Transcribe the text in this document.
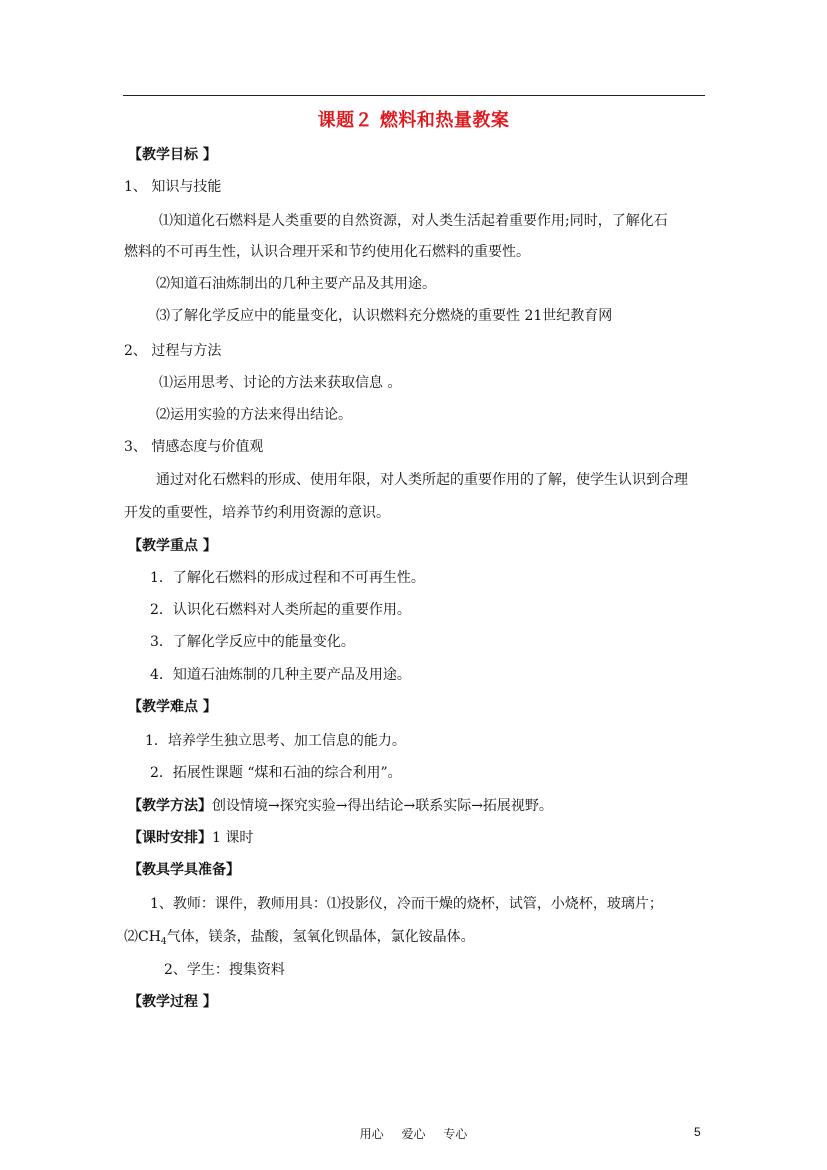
课题２ 燃料和热量教案
【教学目标 】
1、 知识与技能
⑴知道化石燃料是人类重要的自然资源，对人类生活起着重要作用;同时，了解化石
燃料的不可再生性，认识合理开采和节约使用化石燃料的重要性。
⑵知道石油炼制出的几种主要产品及其用途。
⑶了解化学反应中的能量变化，认识燃料充分燃烧的重要性 21世纪教育网
2、 过程与方法
⑴运用思考、讨论的方法来获取信息 。
⑵运用实验的方法来得出结论。
3、 情感态度与价值观
通过对化石燃料的形成、使用年限，对人类所起的重要作用的了解，使学生认识到合理
开发的重要性，培养节约利用资源的意识。
【教学重点 】
1．了解化石燃料的形成过程和不可再生性。
2．认识化石燃料对人类所起的重要作用。
3．了解化学反应中的能量变化。
4．知道石油炼制的几种主要产品及用途。
【教学难点 】
1．培养学生独立思考、加工信息的能力。
2．拓展性课题 “煤和石油的综合利用”。
【教学方法】创设情境→探究实验→得出结论→联系实际→拓展视野。
【课时安排】1 课时
【教具学具准备】
1、教师：课件，教师用具：⑴投影仪，冷而干燥的烧杯，试管，小烧杯，玻璃片；
$⑵CH_4$气体，镁条，盐酸，氢氧化钡晶体，氯化铵晶体。
2、学生：搜集资料
【教学过程 】
用心 爱心 专心	5
